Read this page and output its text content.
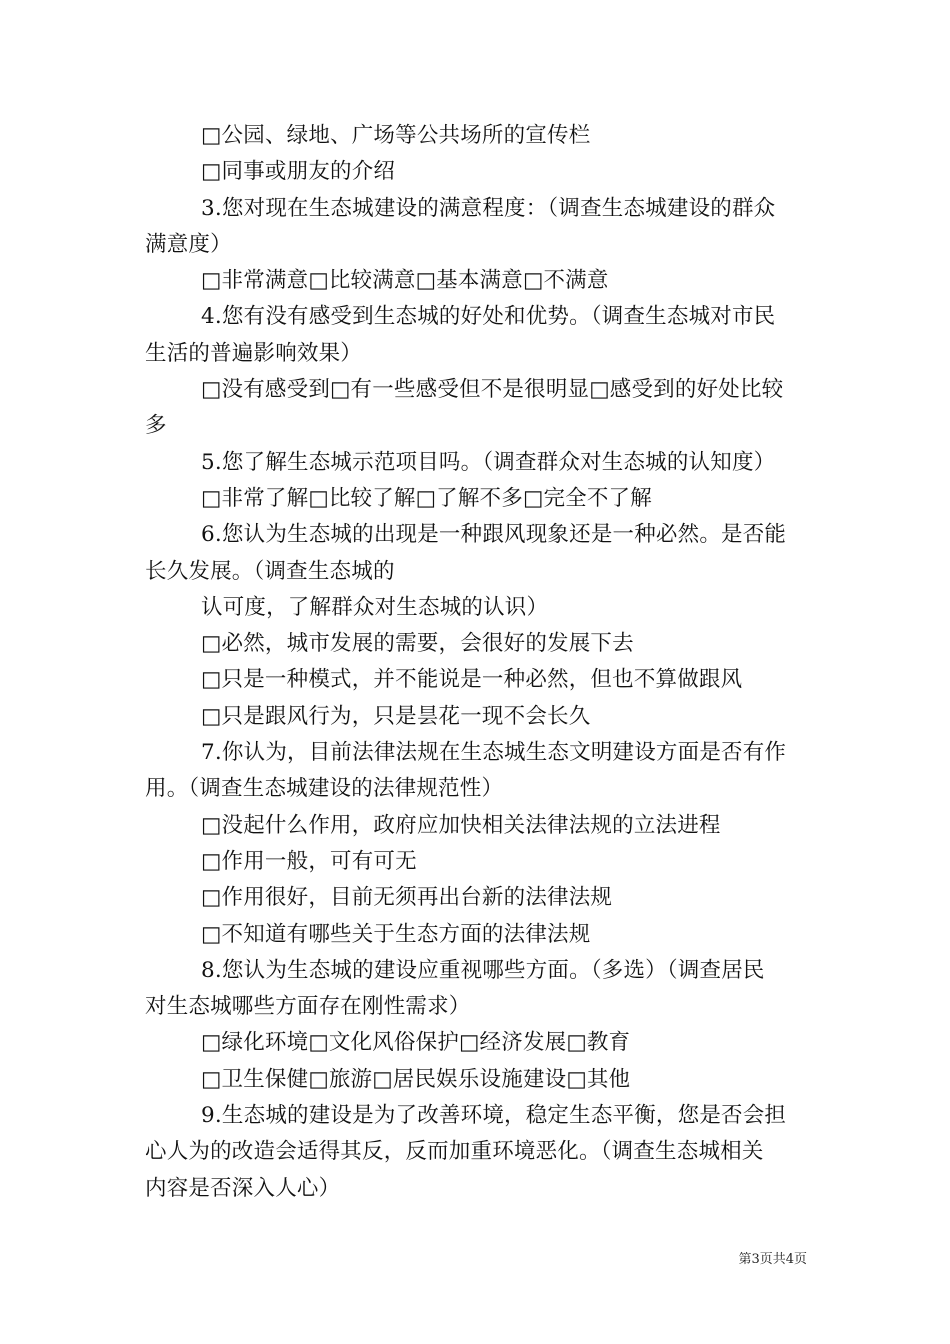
□公园、绿地、广场等公共场所的宣传栏
□同事或朋友的介绍
3.您对现在生态城建设的满意程度：（调查生态城建设的群众
满意度）
□非常满意□比较满意□基本满意□不满意
4.您有没有感受到生态城的好处和优势。（调查生态城对市民
生活的普遍影响效果）
□没有感受到□有一些感受但不是很明显□感受到的好处比较
多
5.您了解生态城示范项目吗。（调查群众对生态城的认知度）
□非常了解□比较了解□了解不多□完全不了解
6.您认为生态城的出现是一种跟风现象还是一种必然。是否能
长久发展。（调查生态城的
认可度，了解群众对生态城的认识）
□必然，城市发展的需要，会很好的发展下去
□只是一种模式，并不能说是一种必然，但也不算做跟风
□只是跟风行为，只是昙花一现不会长久
7.你认为，目前法律法规在生态城生态文明建设方面是否有作
用。（调查生态城建设的法律规范性）
□没起什么作用，政府应加快相关法律法规的立法进程
□作用一般，可有可无
□作用很好，目前无须再出台新的法律法规
□不知道有哪些关于生态方面的法律法规
8.您认为生态城的建设应重视哪些方面。（多选）（调查居民
对生态城哪些方面存在刚性需求）
□绿化环境□文化风俗保护□经济发展□教育
□卫生保健□旅游□居民娱乐设施建设□其他
9.生态城的建设是为了改善环境，稳定生态平衡，您是否会担
心人为的改造会适得其反，反而加重环境恶化。（调查生态城相关
内容是否深入人心）
第3页共4页
